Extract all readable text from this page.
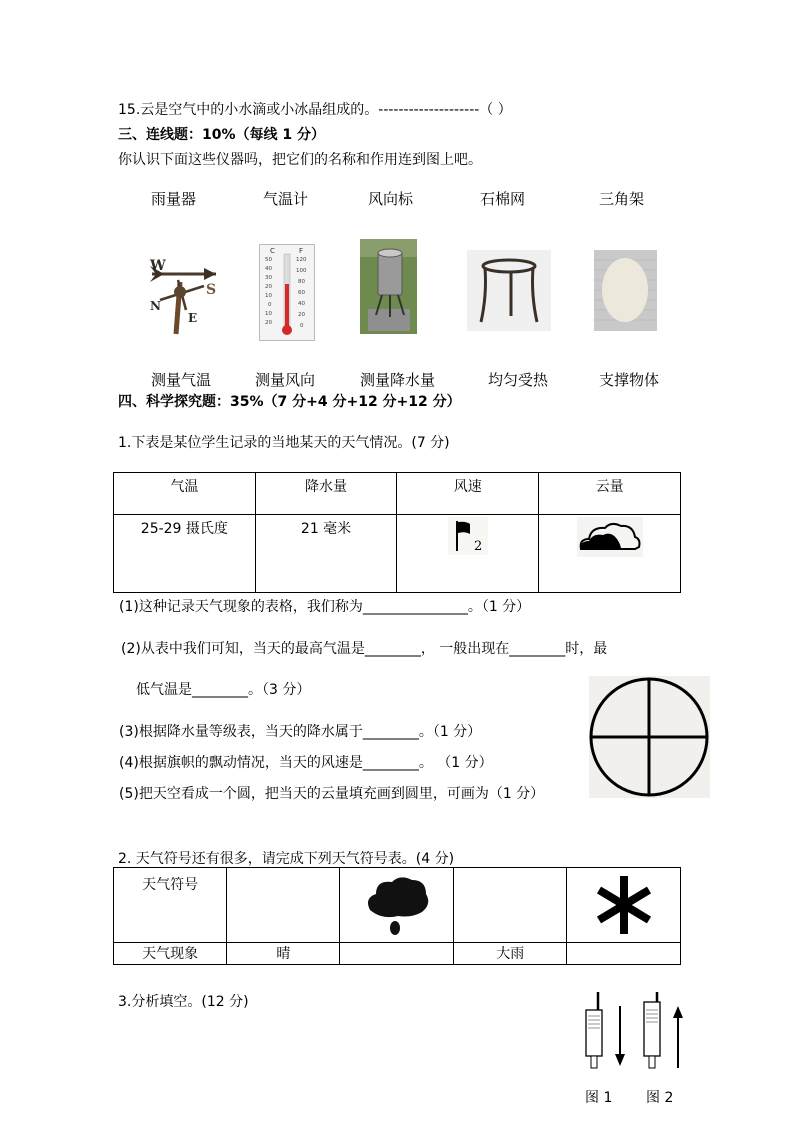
15.云是空气中的小水滴或小冰晶组成的。--------------------（ ）
三、连线题：10%（每线 1 分）
你认识下面这些仪器吗，把它们的名称和作用连到图上吧。
雨量器	气温计	风向标	石棉网	三角架
W
S
N
E
C	F
50
40
30
20
10
0
10
20
120
100
80
60
40
20
0
测量气温	测量风向	测量降水量	均匀受热	支撑物体
四、科学探究题：35%（7 分+4 分+12 分+12 分）
1.下表是某位学生记录的当地某天的天气情况。(7 分)
气温	降水量	风速	云量
25-29 摄氏度	21 毫米	2

(1)这种记录天气现象的表格，我们称为_______________。（1 分）
(2)从表中我们可知，当天的最高气温是________， 一般出现在________时，最
低气温是________。（3 分）
(3)根据降水量等级表，当天的降水属于________。（1 分）
(4)根据旗帜的飘动情况，当天的风速是________。 （1 分）
(5)把天空看成一个圆，把当天的云量填充画到圆里，可画为（1 分）
2. 天气符号还有很多，请完成下列天气符号表。(4 分)
天气符号				
天气现象	晴		大雨	
3.分析填空。(12 分)
图 1 图 2
